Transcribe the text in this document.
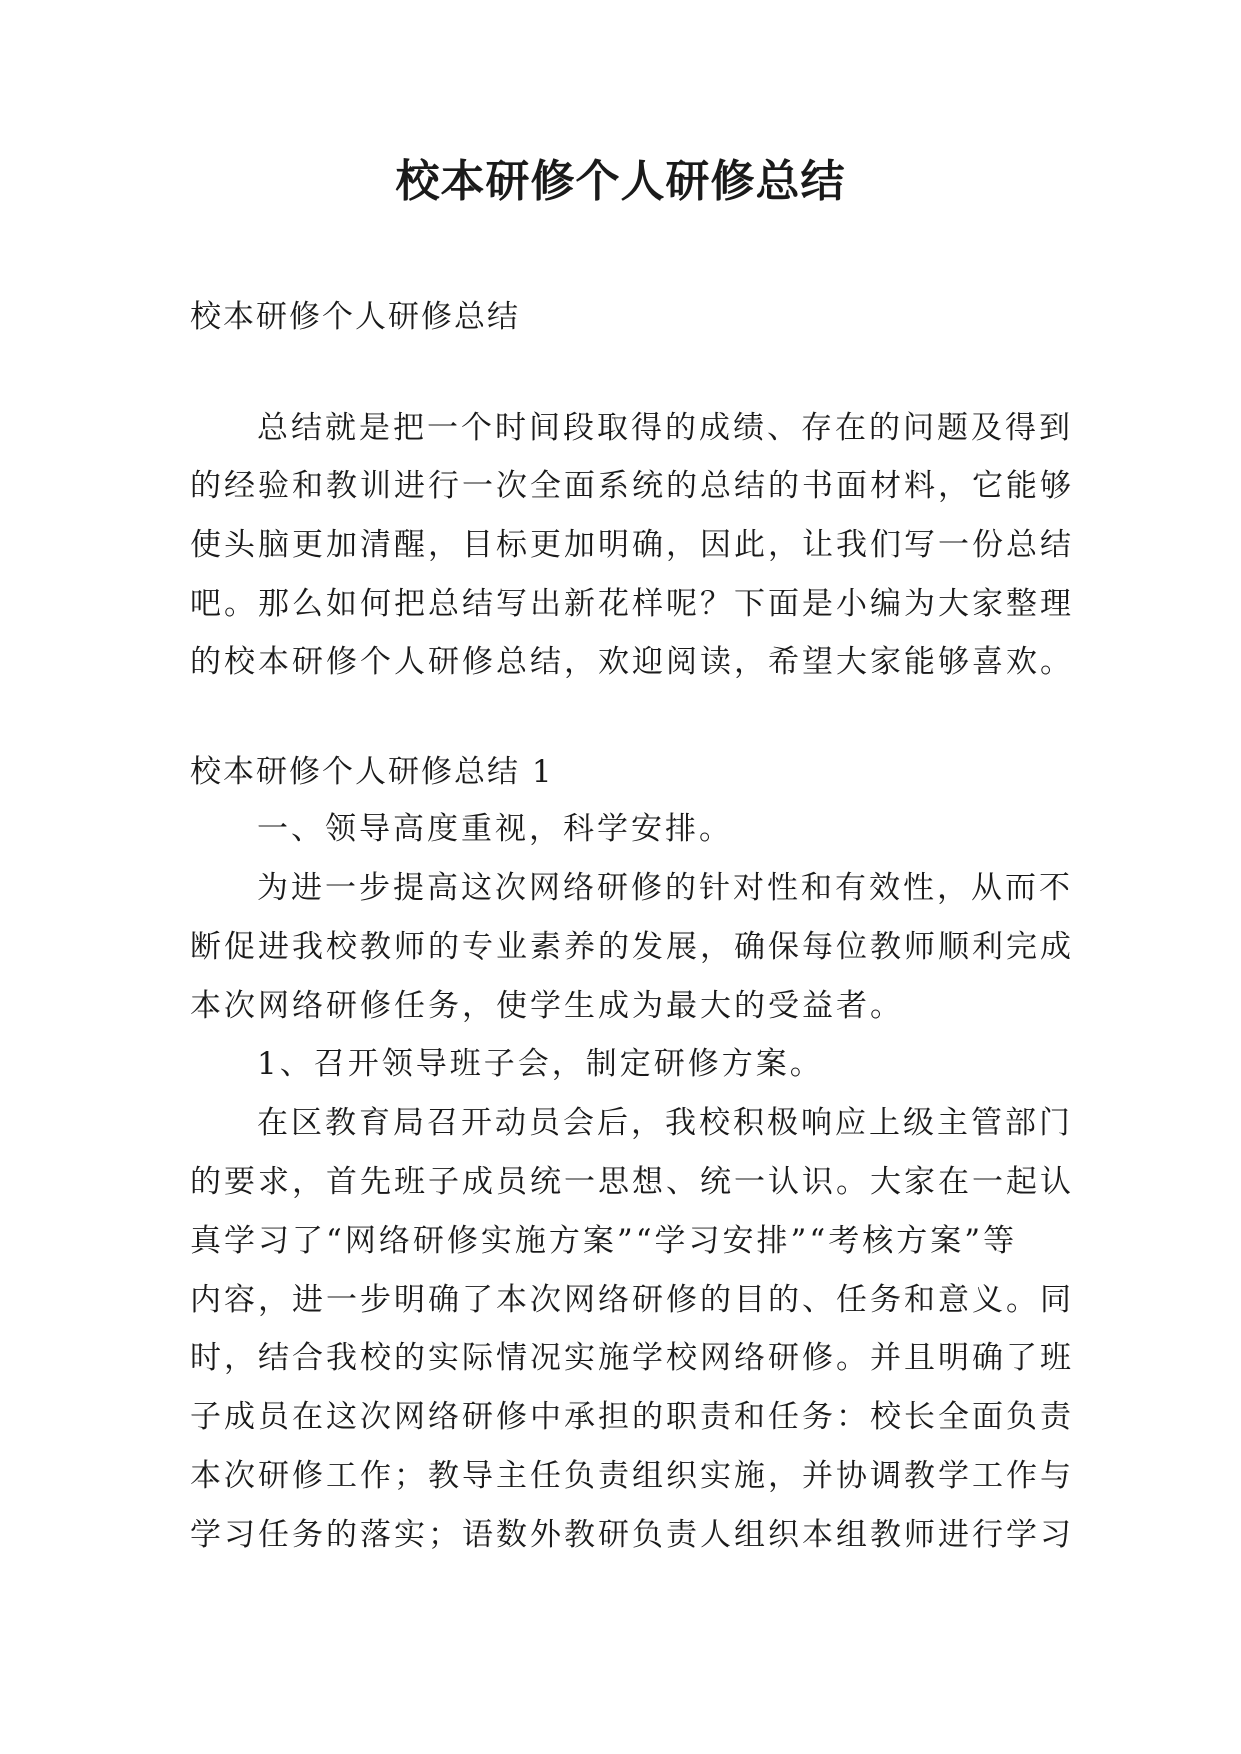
校本研修个人研修总结
校本研修个人研修总结
总结就是把一个时间段取得的成绩、存在的问题及得到
的经验和教训进行一次全面系统的总结的书面材料，它能够
使头脑更加清醒，目标更加明确，因此，让我们写一份总结
吧。那么如何把总结写出新花样呢？下面是小编为大家整理
的校本研修个人研修总结，欢迎阅读，希望大家能够喜欢。
校本研修个人研修总结 1
一、领导高度重视，科学安排。
为进一步提高这次网络研修的针对性和有效性，从而不
断促进我校教师的专业素养的发展，确保每位教师顺利完成
本次网络研修任务，使学生成为最大的受益者。
1、召开领导班子会，制定研修方案。
在区教育局召开动员会后，我校积极响应上级主管部门
的要求，首先班子成员统一思想、统一认识。大家在一起认
真学习了“网络研修实施方案”“学习安排”“考核方案”等
内容，进一步明确了本次网络研修的目的、任务和意义。同
时，结合我校的实际情况实施学校网络研修。并且明确了班
子成员在这次网络研修中承担的职责和任务：校长全面负责
本次研修工作；教导主任负责组织实施，并协调教学工作与
学习任务的落实；语数外教研负责人组织本组教师进行学习
